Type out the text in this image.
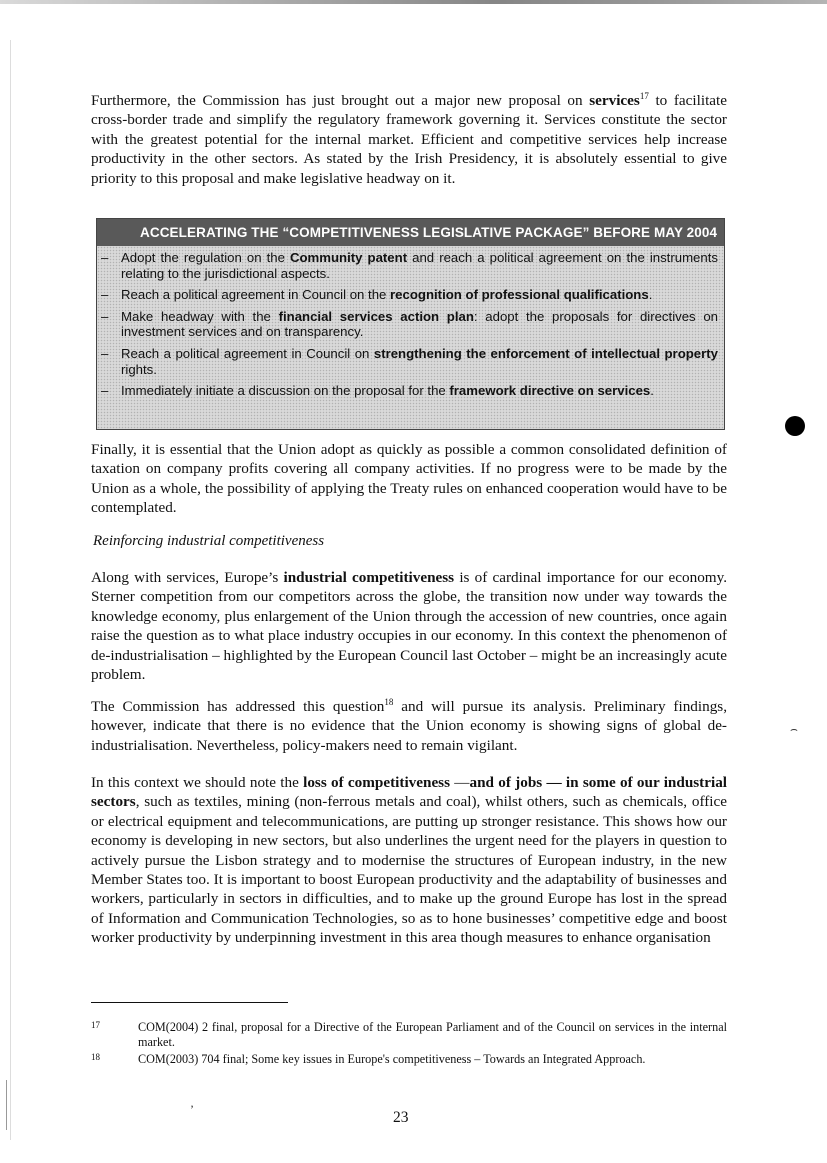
Furthermore, the Commission has just brought out a major new proposal on services$^{17}$ to facilitate cross-border trade and simplify the regulatory framework governing it. Services constitute the sector with the greatest potential for the internal market. Efficient and competitive services help increase productivity in the other sectors. As stated by the Irish Presidency, it is absolutely essential to give priority to this proposal and make legislative headway on it.

ACCELERATING THE “COMPETITIVENESS LEGISLATIVE PACKAGE” BEFORE MAY 2004

– Adopt the regulation on the Community patent and reach a political agreement on the instruments relating to the jurisdictional aspects.

– Reach a political agreement in Council on the recognition of professional qualifications.

– Make headway with the financial services action plan: adopt the proposals for directives on investment services and on transparency.

– Reach a political agreement in Council on strengthening the enforcement of intellectual property rights.

– Immediately initiate a discussion on the proposal for the framework directive on services.

Finally, it is essential that the Union adopt as quickly as possible a common consolidated definition of taxation on company profits covering all company activities. If no progress were to be made by the Union as a whole, the possibility of applying the Treaty rules on enhanced cooperation would have to be contemplated.

Reinforcing industrial competitiveness

Along with services, Europe’s industrial competitiveness is of cardinal importance for our economy. Sterner competition from our competitors across the globe, the transition now under way towards the knowledge economy, plus enlargement of the Union through the accession of new countries, once again raise the question as to what place industry occupies in our economy. In this context the phenomenon of de-industrialisation – highlighted by the European Council last October – might be an increasingly acute problem.

The Commission has addressed this question$^{18}$ and will pursue its analysis. Preliminary findings, however, indicate that there is no evidence that the Union economy is showing signs of global de-industrialisation. Nevertheless, policy-makers need to remain vigilant.

In this context we should note the loss of competitiveness —and of jobs — in some of our industrial sectors, such as textiles, mining (non-ferrous metals and coal), whilst others, such as chemicals, office or electrical equipment and telecommunications, are putting up stronger resistance. This shows how our economy is developing in new sectors, but also underlines the urgent need for the players in question to actively pursue the Lisbon strategy and to modernise the structures of European industry, in the new Member States too. It is important to boost European productivity and the adaptability of businesses and workers, particularly in sectors in difficulties, and to make up the ground Europe has lost in the spread of Information and Communication Technologies, so as to hone businesses’ competitive edge and boost worker productivity by underpinning investment in this area though measures to enhance organisation

17	COM(2004) 2 final, proposal for a Directive of the European Parliament and of the Council on services in the internal market.

18	COM(2003) 704 final; Some key issues in Europe's competitiveness – Towards an Integrated Approach.

23

’
⌢
